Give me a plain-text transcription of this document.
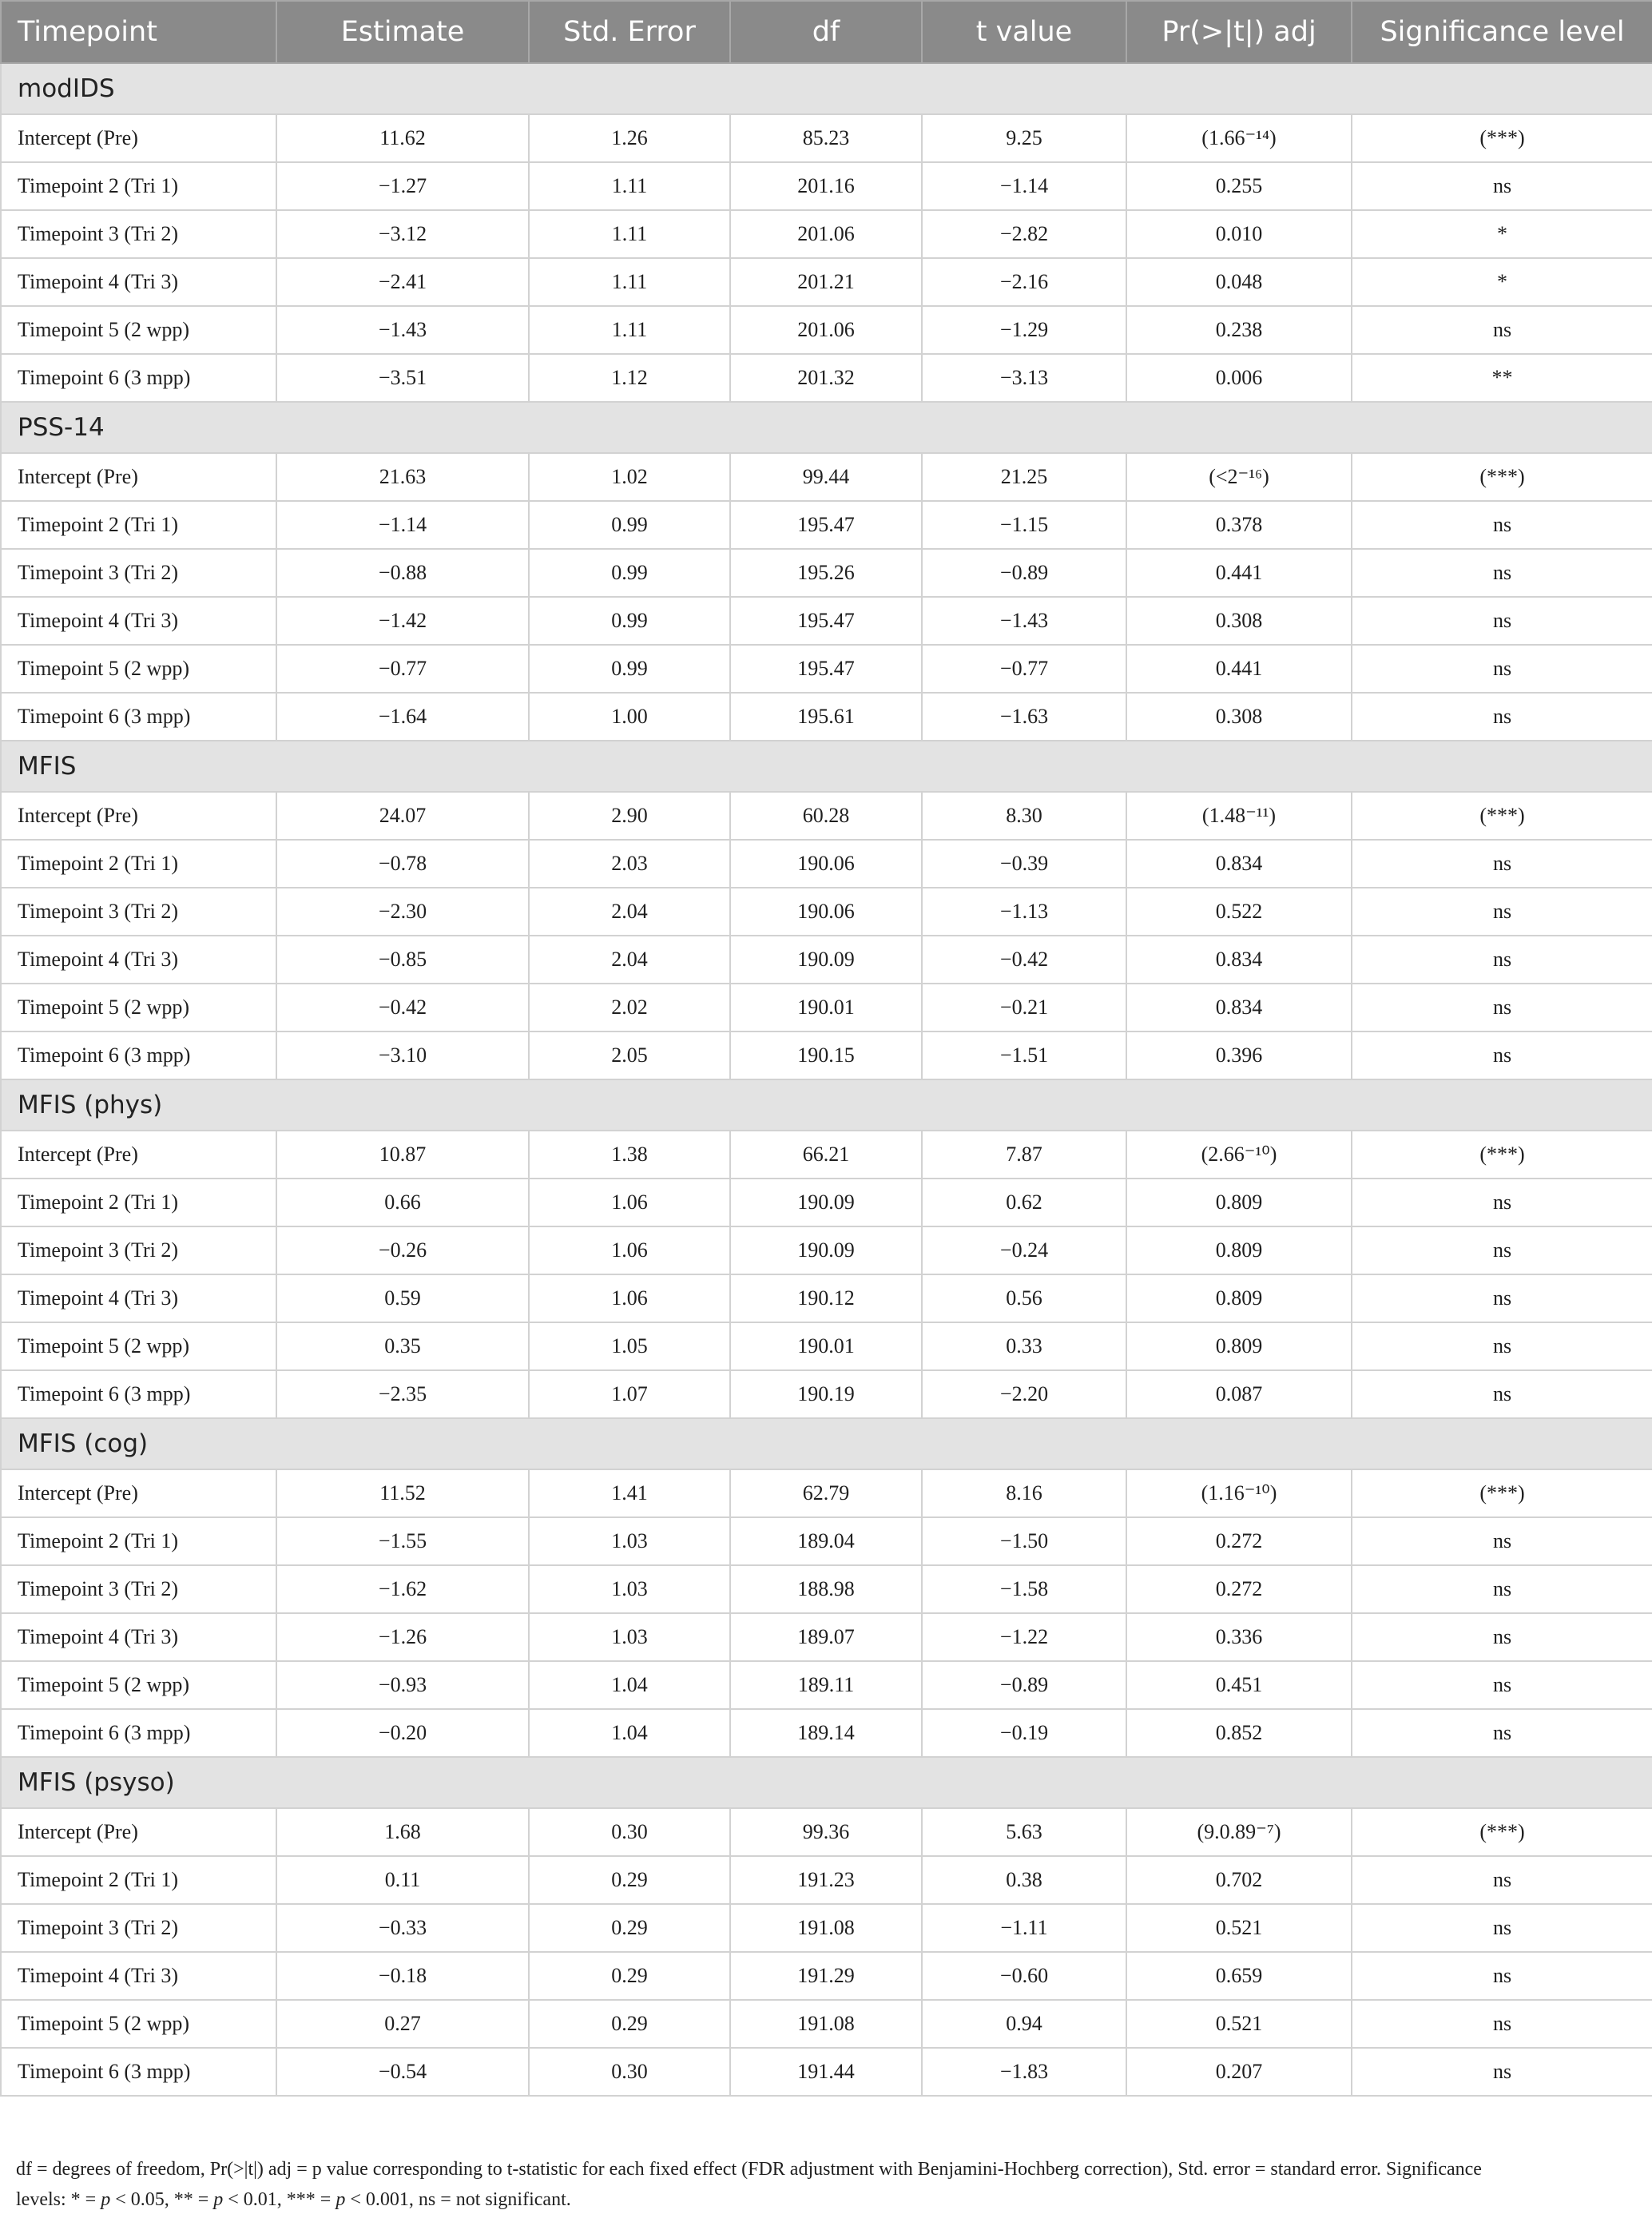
Timepoint	Estimate	Std. Error	df	t value	Pr(>|t|) adj	Significance level
modIDS						
Intercept (Pre)	11.62	1.26	85.23	9.25	(1.66⁻¹⁴)	(***)
Timepoint 2 (Tri 1)	−1.27	1.11	201.16	−1.14	0.255	ns
Timepoint 3 (Tri 2)	−3.12	1.11	201.06	−2.82	0.010	*
Timepoint 4 (Tri 3)	−2.41	1.11	201.21	−2.16	0.048	*
Timepoint 5 (2 wpp)	−1.43	1.11	201.06	−1.29	0.238	ns
Timepoint 6 (3 mpp)	−3.51	1.12	201.32	−3.13	0.006	**
PSS-14						
Intercept (Pre)	21.63	1.02	99.44	21.25	(<2⁻¹⁶)	(***)
Timepoint 2 (Tri 1)	−1.14	0.99	195.47	−1.15	0.378	ns
Timepoint 3 (Tri 2)	−0.88	0.99	195.26	−0.89	0.441	ns
Timepoint 4 (Tri 3)	−1.42	0.99	195.47	−1.43	0.308	ns
Timepoint 5 (2 wpp)	−0.77	0.99	195.47	−0.77	0.441	ns
Timepoint 6 (3 mpp)	−1.64	1.00	195.61	−1.63	0.308	ns
MFIS						
Intercept (Pre)	24.07	2.90	60.28	8.30	(1.48⁻¹¹)	(***)
Timepoint 2 (Tri 1)	−0.78	2.03	190.06	−0.39	0.834	ns
Timepoint 3 (Tri 2)	−2.30	2.04	190.06	−1.13	0.522	ns
Timepoint 4 (Tri 3)	−0.85	2.04	190.09	−0.42	0.834	ns
Timepoint 5 (2 wpp)	−0.42	2.02	190.01	−0.21	0.834	ns
Timepoint 6 (3 mpp)	−3.10	2.05	190.15	−1.51	0.396	ns
MFIS (phys)						
Intercept (Pre)	10.87	1.38	66.21	7.87	(2.66⁻¹⁰)	(***)
Timepoint 2 (Tri 1)	0.66	1.06	190.09	0.62	0.809	ns
Timepoint 3 (Tri 2)	−0.26	1.06	190.09	−0.24	0.809	ns
Timepoint 4 (Tri 3)	0.59	1.06	190.12	0.56	0.809	ns
Timepoint 5 (2 wpp)	0.35	1.05	190.01	0.33	0.809	ns
Timepoint 6 (3 mpp)	−2.35	1.07	190.19	−2.20	0.087	ns
MFIS (cog)						
Intercept (Pre)	11.52	1.41	62.79	8.16	(1.16⁻¹⁰)	(***)
Timepoint 2 (Tri 1)	−1.55	1.03	189.04	−1.50	0.272	ns
Timepoint 3 (Tri 2)	−1.62	1.03	188.98	−1.58	0.272	ns
Timepoint 4 (Tri 3)	−1.26	1.03	189.07	−1.22	0.336	ns
Timepoint 5 (2 wpp)	−0.93	1.04	189.11	−0.89	0.451	ns
Timepoint 6 (3 mpp)	−0.20	1.04	189.14	−0.19	0.852	ns
MFIS (psyso)						
Intercept (Pre)	1.68	0.30	99.36	5.63	(9.0.89⁻⁷)	(***)
Timepoint 2 (Tri 1)	0.11	0.29	191.23	0.38	0.702	ns
Timepoint 3 (Tri 2)	−0.33	0.29	191.08	−1.11	0.521	ns
Timepoint 4 (Tri 3)	−0.18	0.29	191.29	−0.60	0.659	ns
Timepoint 5 (2 wpp)	0.27	0.29	191.08	0.94	0.521	ns
Timepoint 6 (3 mpp)	−0.54	0.30	191.44	−1.83	0.207	ns
df = degrees of freedom, Pr(>|t|) adj = p value corresponding to t-statistic for each fixed effect (FDR adjustment with Benjamini-Hochberg correction), Std. error = standard error. Significance
levels: * = p < 0.05, ** = p < 0.01, *** = p < 0.001, ns = not significant.
